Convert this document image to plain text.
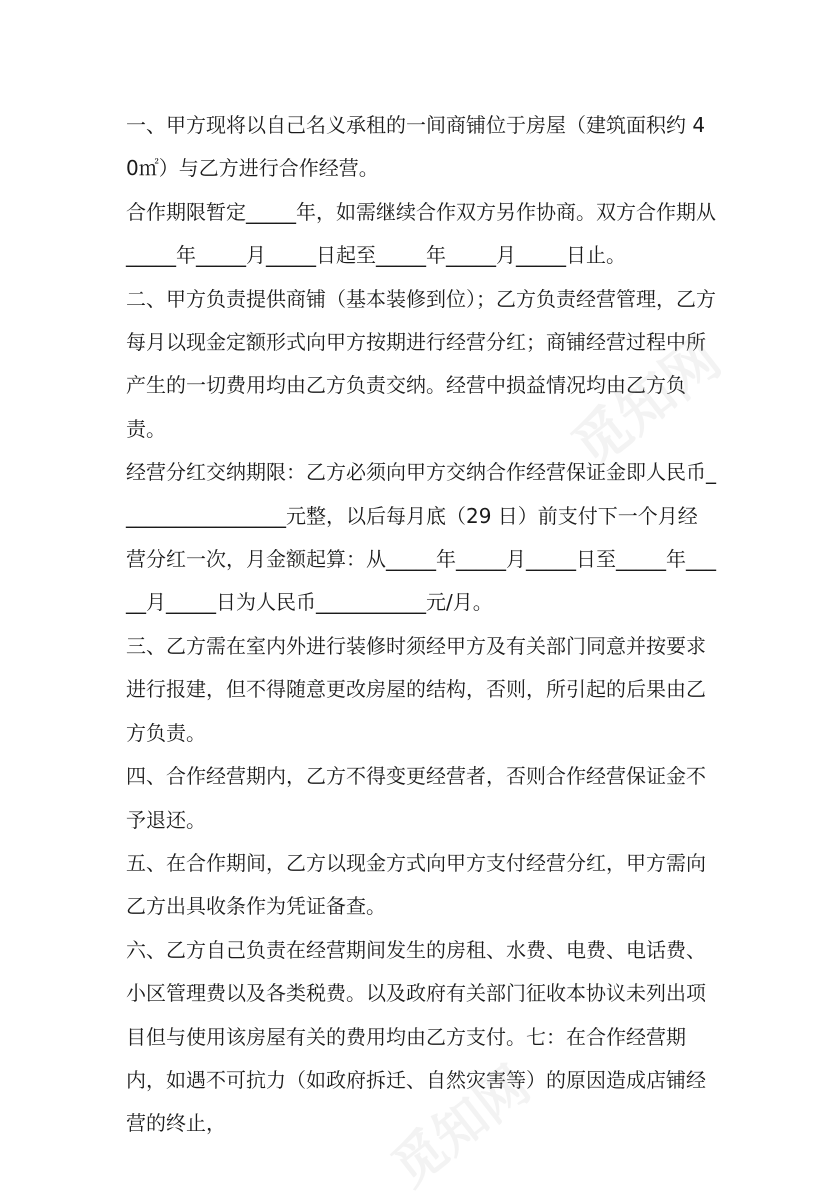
一、甲方现将以自己名义承租的一间商铺位于房屋（建筑面积约 40㎡）与乙方进行合作经营。

合作期限暂定_____年，如需继续合作双方另作协商。双方合作期从_____年_____月_____日起至_____年_____月_____日止。

二、甲方负责提供商铺（基本装修到位）；乙方负责经营管理，乙方每月以现金定额形式向甲方按期进行经营分红；商铺经营过程中所产生的一切费用均由乙方负责交纳。经营中损益情况均由乙方负责。

经营分红交纳期限：乙方必须向甲方交纳合作经营保证金即人民币_________________元整，以后每月底（29 日）前支付下一个月经营分红一次，月金额起算：从_____年_____月_____日至_____年_____月_____日为人民币___________元/月。

三、乙方需在室内外进行装修时须经甲方及有关部门同意并按要求进行报建，但不得随意更改房屋的结构，否则，所引起的后果由乙方负责。

四、合作经营期内，乙方不得变更经营者，否则合作经营保证金不予退还。

五、在合作期间，乙方以现金方式向甲方支付经营分红，甲方需向乙方出具收条作为凭证备查。

六、乙方自己负责在经营期间发生的房租、水费、电费、电话费、小区管理费以及各类税费。以及政府有关部门征收本协议未列出项目但与使用该房屋有关的费用均由乙方支付。七：在合作经营期内，如遇不可抗力（如政府拆迁、自然灾害等）的原因造成店铺经营的终止，

觅知网
觅知网
